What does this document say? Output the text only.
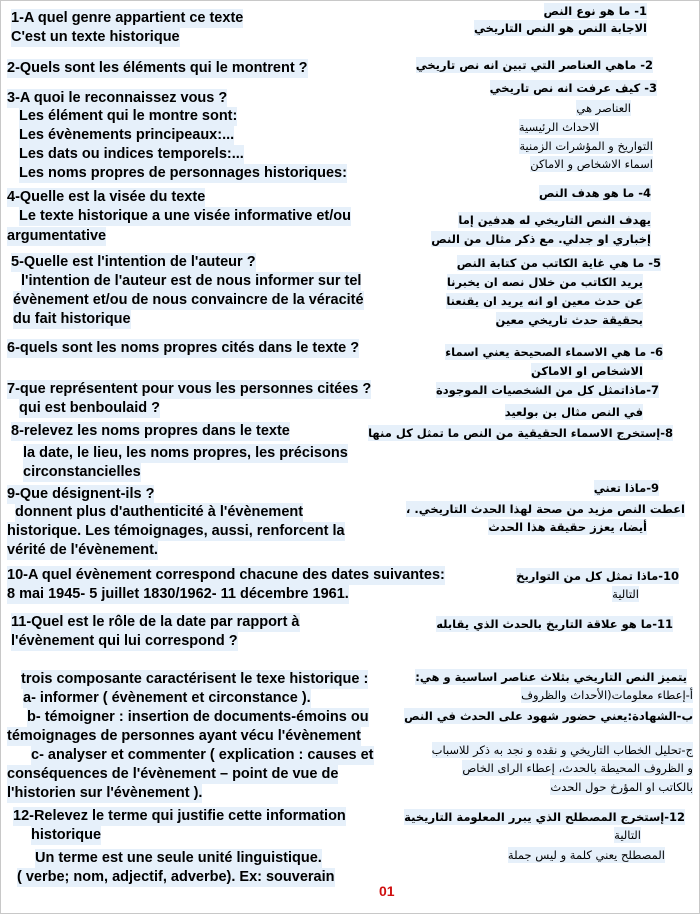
1-A quel genre appartient ce texte
C'est un texte historique
2-Quels sont les éléments qui le montrent ?
3-A quoi le reconnaissez vous ?
Les élément qui le montre sont:
Les évènements principeaux:...
Les dats ou indices temporels:...
Les noms propres de personnages historiques:
4-Quelle est la visée du texte
Le texte historique a une visée informative et/ou
argumentative
5-Quelle est l'intention de l'auteur ?
l'intention de l'auteur est de nous informer sur tel
évènement et/ou de nous convaincre de la véracité
du fait historique
6-quels sont les noms propres cités dans le texte ?
7-que représentent pour vous les personnes citées ?
qui est benboulaid ?
8-relevez les noms propres dans le texte
la date, le lieu, les noms propres, les précisons
circonstancielles
9-Que désignent-ils ?
donnent plus d'authenticité à l'évènement
historique. Les témoignages, aussi, renforcent la
vérité de l'évènement.
10-A quel évènement correspond chacune des dates suivantes:
8 mai 1945- 5 juillet 1830/1962- 11 décembre 1961.
11-Quel est le rôle de la date par rapport à
l'évènement qui lui correspond ?
trois composante caractérisent le texe historique :
a- informer ( évènement et circonstance ).
b- témoigner : insertion de documents-émoins ou
témoignages de personnes ayant vécu l'évènement
c- analyser et commenter ( explication : causes et
conséquences de l'évènement – point de vue de
l'historien sur l'évènement ).
12-Relevez le terme qui justifie cette information
historique
Un terme est une seule unité linguistique.
( verbe; nom, adjectif, adverbe). Ex: souverain
1- ما هو نوع النص
الاجابة النص هو النص التاريخي
2- ماهي العناصر التي تبين انه نص تاريخي
3- كيف عرفت انه نص تاريخي
العناصر هي
الاحداث الرئيسية
التواريخ و المؤشرات الزمنية
اسماء الاشخاص و الاماكن
4- ما هو هدف النص
يهدف النص التاريخي له هدفين إما
إخباري او جدلي. مع ذكر مثال من النص
5- ما هي غاية الكاتب من كتابة النص
يريد الكاتب من خلال نصه ان يخبرنا
عن حدث معين او انه يريد ان يقنعنا
بحقيقة حدث تاريخي معين
6- ما هي الاسماء الصحيحة يعني اسماء
الاشخاص او الاماكن
7-ماذاتمثل كل من الشخصيات الموجودة
في النص مثال بن بولعيد
8-إستخرج الاسماء الحقيقية من النص ما تمثل كل منها
9-ماذا تعني
اعطت النص مزيد من صحة لهذا الحدث التاريخي. ،
أيضا، يعزز حقيقة هذا الحدث
10-ماذا تمثل كل من التواريخ
التالية
11-ما هو علاقة التاريخ بالحدث الذي يقابله
يتميز النص التاريخي بثلاث عناصر اساسية و هي:
أ-إعطاء معلومات(الأحداث والظروف
ب-الشهادة:يعني حضور شهود على الحدث في النص
ج-تحليل الخطاب التاريخي و نقده و نجد به ذكر للاسباب
و الظروف المحيطة بالحدث، إعطاء الراى الخاص
بالكاتب او المؤرخ حول الحدث
12-إستخرج المصطلح الذي يبرر المعلومة التاريخية
التالية
المصطلح يعني كلمة و ليس جملة
01
